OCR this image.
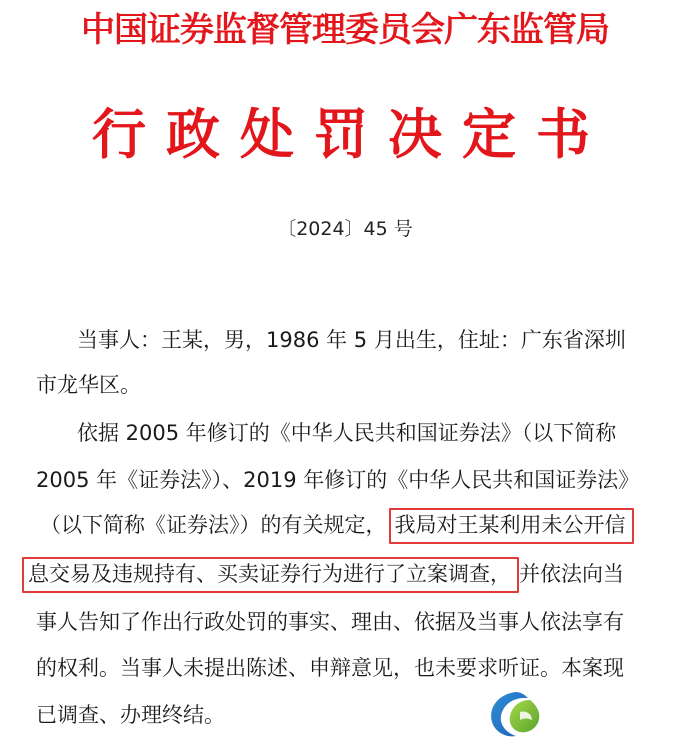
中国证券监督管理委员会广东监管局
行政处罚决定书
〔2024〕45 号
当事人：王某，男，1986 年 5 月出生，住址：广东省深圳
市龙华区。
依据 2005 年修订的《中华人民共和国证券法》（以下简称
2005 年《证券法》）、2019 年修订的《中华人民共和国证券法》
（以下简称《证券法》）的有关规定， 我局对王某利用未公开信
息交易及违规持有、买卖证券行为进行了立案调查， 并依法向当
事人告知了作出行政处罚的事实、理由、依据及当事人依法享有
的权利。当事人未提出陈述、申辩意见，也未要求听证。本案现
已调查、办理终结。
